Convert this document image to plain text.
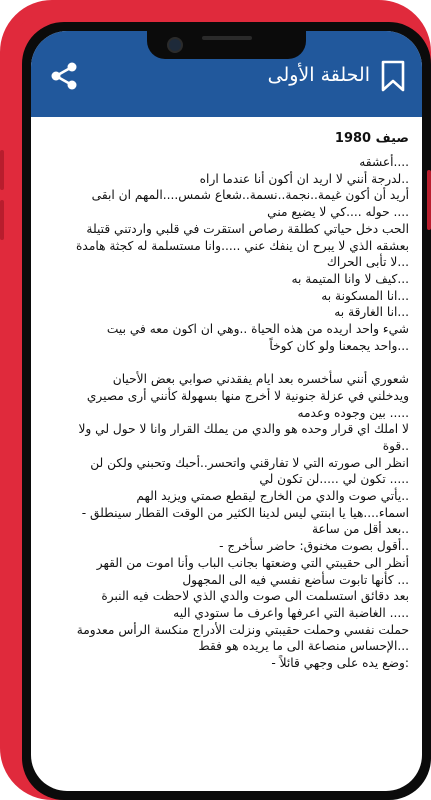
الحلقة الأولى
صيف 1980
....أعشقه
..لدرجة أنني لا اريد ان أكون أنا عندما اراه
أريد أن أكون غيمة..نجمة..نسمة..شعاع شمس....المهم ان ابقى
.... حوله ....كي لا يضيع مني
الحب دخل حياتي كطلقة رصاص استقرت في قلبي واردتني قتيلة
بعشقه الذي لا يبرح ان ينفك عني .....وانا مستسلمة له كجثة هامدة
...لا تأبى الحراك
...كيف لا وانا المتيمة به
...انا المسكونة به
...انا الغارقة به
شيء واحد اريده من هذه الحياة ..وهي ان اكون معه في بيت
...واحد يجمعنا ولو كان كوخاً
شعوري أنني سأخسره بعد ايام يفقدني صوابي بعض الأحيان
ويدخلني في عزلة جنونية لا أخرج منها بسهولة كأنني أرى مصيري
..... بين وجوده وعدمه
لا املك اي قرار وحده هو والدي من يملك القرار وانا لا حول لي ولا
..قوة
انظر الى صورته التي لا تفارقني واتحسر..أحبك وتحبني ولكن لن
..... تكون لي .....لن تكون لي
..يأتي صوت والدي من الخارج ليقطع صمتي ويزيد الهم
اسماء....هيا يا ابنتي ليس لدينا الكثير من الوقت القطار سينطلق -
..بعد أقل من ساعة
..أقول بصوت مخنوق: حاضر سأخرج -
أنظر الى حقيبتي التي وضعتها بجانب الباب وأنا اموت من القهر
... كأنها تابوت سأضع نفسي فيه الى المجهول
بعد دقائق استسلمت الى صوت والدي الذي لاحظت فيه النبرة
..... الغاضبة التي اعرفها واعرف ما ستودي اليه
حملت نفسي وحملت حقيبتي ونزلت الأدراج منكسة الرأس معدومة
...الإحساس منصاعة الى ما يريده هو فقط
:وضع يده على وجهي قائلاً -
